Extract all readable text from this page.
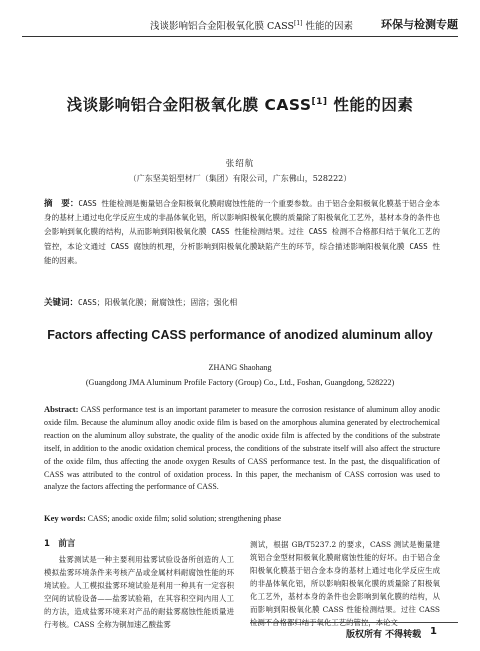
浅谈影响铝合金阳极氧化膜 CASS[1] 性能的因素	环保与检测专题
浅谈影响铝合金阳极氧化膜 CASS[1] 性能的因素
张绍航
（广东坚美铝型材厂（集团）有限公司，广东佛山，528222）
摘　要：CASS 性能检测是衡量铝合金阳极氧化膜耐腐蚀性能的一个重要参数。由于铝合金阳极氧化膜基于铝合金本身的基材上通过电化学反应生成的非晶体氧化铝，所以影响阳极氧化膜的质量除了阳极氧化工艺外，基材本身的条件也会影响到氧化膜的结构，从而影响到阳极氧化膜 CASS 性能检测结果。过往 CASS 检测不合格都归结于氧化工艺的管控，本论文通过 CASS 腐蚀的机理，分析影响到阳极氧化膜缺陷产生的环节，综合描述影响阳极氧化膜 CASS 性能的因素。
关键词：CASS；阳极氧化膜；耐腐蚀性；固溶；强化相
Factors affecting CASS performance of anodized aluminum alloy
ZHANG Shaohang
(Guangdong JMA Aluminum Profile Factory (Group) Co., Ltd., Foshan, Guangdong, 528222)
Abstract: CASS performance test is an important parameter to measure the corrosion resistance of aluminum alloy anodic oxide film. Because the aluminum alloy anodic oxide film is based on the amorphous alumina generated by electrochemical reaction on the aluminum alloy substrate, the quality of the anodic oxide film is affected by the conditions of the substrate itself, in addition to the anodic oxidation chemical process, the conditions of the substrate itself will also affect the structure of the oxide film, thus affecting the anode oxygen Results of CASS performance test. In the past, the disqualification of CASS was attributed to the control of oxidation process. In this paper, the mechanism of CASS corrosion was used to analyze the factors affecting the performance of CASS.
Key words: CASS; anodic oxide film; solid solution; strengthening phase
1　前言

盐雾测试是一种主要利用盐雾试验设备所创造的人工模拟盐雾环境条件来考核产品或金属材料耐腐蚀性能的环境试验。人工模拟盐雾环境试验是利用一种具有一定容积空间的试验设备——盐雾试验箱，在其容积空间内用人工的方法，造成盐雾环境来对产品的耐盐雾腐蚀性能质量进行考核。CASS 全称为铜加速乙酸盐雾

测试，根据 GB/T5237.2 的要求，CASS 测试是衡量建筑铝合金型材阳极氧化膜耐腐蚀性能的好坏。由于铝合金阳极氧化膜基于铝合金本身的基材上通过电化学反应生成的非晶体氧化铝，所以影响阳极氧化膜的质量除了阳极氧化工艺外，基材本身的条件也会影响到氧化膜的结构，从而影响到阳极氧化膜 CASS 性能检测结果。过往 CASS 检测不合格都归结于氧化工艺的管控，本论文

版权所有 不得转载 1
